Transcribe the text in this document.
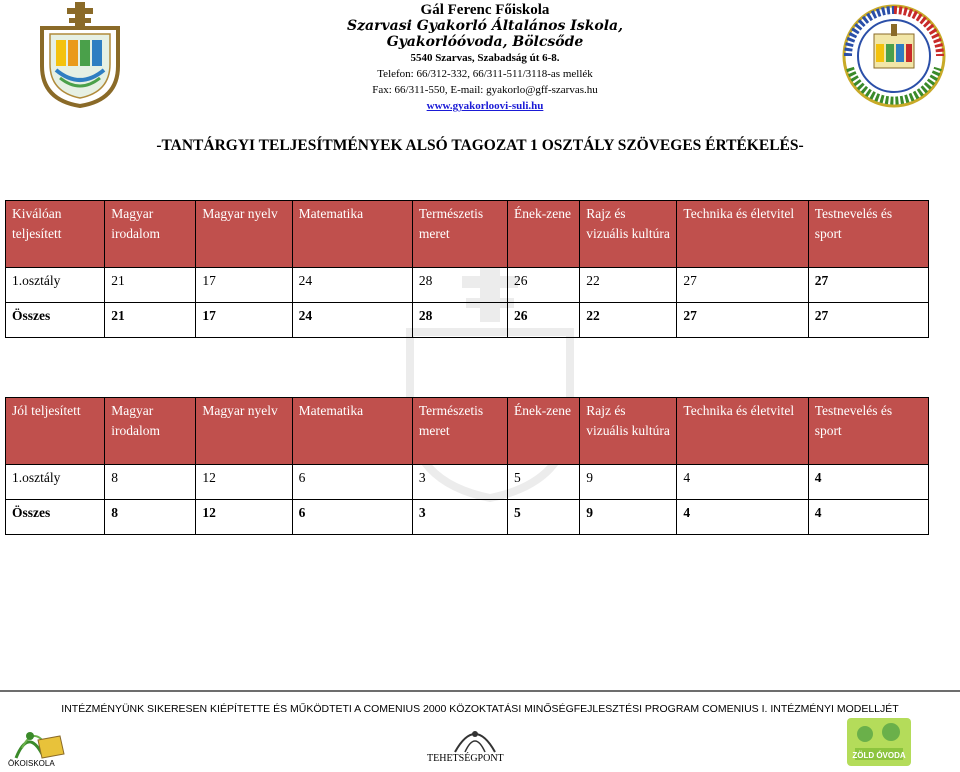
Gál Ferenc Főiskola
Szarvasi Gyakorló Általános Iskola, Gyakorlóóvoda, Bölcsőde
5540 Szarvas, Szabadság út 6-8.
Telefon: 66/312-332, 66/311-511/3118-as mellék
Fax: 66/311-550, E-mail: gyakorlo@gff-szarvas.hu
www.gyakorloovi-suli.hu
-TANTÁRGYI TELJESÍTMÉNYEK ALSÓ TAGOZAT 1 OSZTÁLY SZÖVEGES ÉRTÉKELÉS-
Kiválóan teljesített	Magyar irodalom	Magyar nyelv	Matematika	Természetis meret	Ének-zene	Rajz és vizuális kultúra	Technika és életvitel	Testnevelés és sport
1.osztály	21	17	24	28	26	22	27	27
Összes	21	17	24	28	26	22	27	27
Jól teljesített	Magyar irodalom	Magyar nyelv	Matematika	Természetis meret	Ének-zene	Rajz és vizuális kultúra	Technika és életvitel	Testnevelés és sport
1.osztály	8	12	6	3	5	9	4	4
Összes	8	12	6	3	5	9	4	4
INTÉZMÉNYÜNK SIKERESEN KIÉPÍTETTE ÉS MŰKÖDTETI A COMENIUS 2000 KÖZOKTATÁSI MINŐSÉGFEJLESZTÉSI PROGRAM COMENIUS I. INTÉZMÉNYI MODELLJÉT
ÖKOISKOLA	TEHETSÉGPONT	ZÖLD ÓVODA
